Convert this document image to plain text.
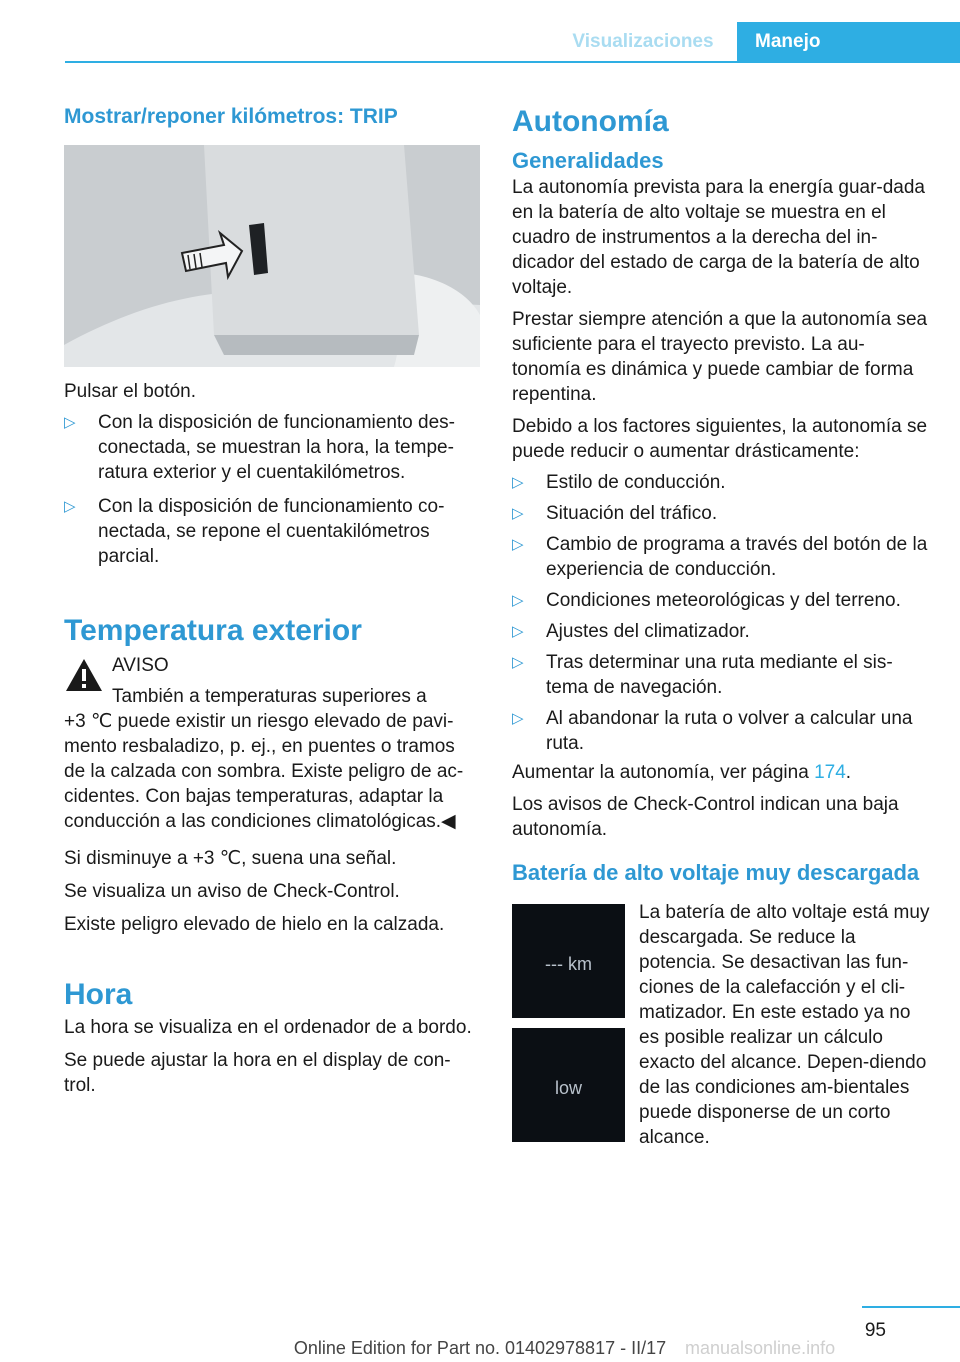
Visualizaciones	Manejo
Mostrar/reponer kilómetros: TRIP

Pulsar el botón.

▷ Con la disposición de funcionamiento des-conectada, se muestran la hora, la tempe-ratura exterior y el cuentakilómetros.
▷ Con la disposición de funcionamiento co-nectada, se repone el cuentakilómetros parcial.
Temperatura exterior
AVISO
También a temperaturas superiores a
+3 ℃ puede existir un riesgo elevado de pavi-mento resbaladizo, p. ej., en puentes o tramos de la calzada con sombra. Existe peligro de ac-cidentes. Con bajas temperaturas, adaptar la conducción a las condiciones climatológicas.◀

Si disminuye a +3 ℃, suena una señal.

Se visualiza un aviso de Check-Control.

Existe peligro elevado de hielo en la calzada.

Hora

La hora se visualiza en el ordenador de a bordo.

Se puede ajustar la hora en el display de con-trol.

Autonomía
Generalidades

La autonomía prevista para la energía guar-dada en la batería de alto voltaje se muestra en el cuadro de instrumentos a la derecha del in-dicador del estado de carga de la batería de alto voltaje.

Prestar siempre atención a que la autonomía sea suficiente para el trayecto previsto. La au-tonomía es dinámica y puede cambiar de forma repentina.

Debido a los factores siguientes, la autonomía se puede reducir o aumentar drásticamente:

▷ Estilo de conducción.
▷ Situación del tráfico.
▷ Cambio de programa a través del botón de la experiencia de conducción.
▷ Condiciones meteorológicas y del terreno.
▷ Ajustes del climatizador.
▷ Tras determinar una ruta mediante el sis-tema de navegación.
▷ Al abandonar la ruta o volver a calcular una ruta.

Aumentar la autonomía, ver página 174.

Los avisos de Check-Control indican una baja autonomía.

Batería de alto voltaje muy descargada
--- km
low

La batería de alto voltaje está muy descargada. Se reduce la potencia. Se desactivan las fun-ciones de la calefacción y el cli-matizador. En este estado ya no es posible realizar un cálculo exacto del alcance. Depen-diendo de las condiciones am-bientales puede disponerse de un corto alcance.

95
Online Edition for Part no. 01402978817 - II/17 manualsonline.info
